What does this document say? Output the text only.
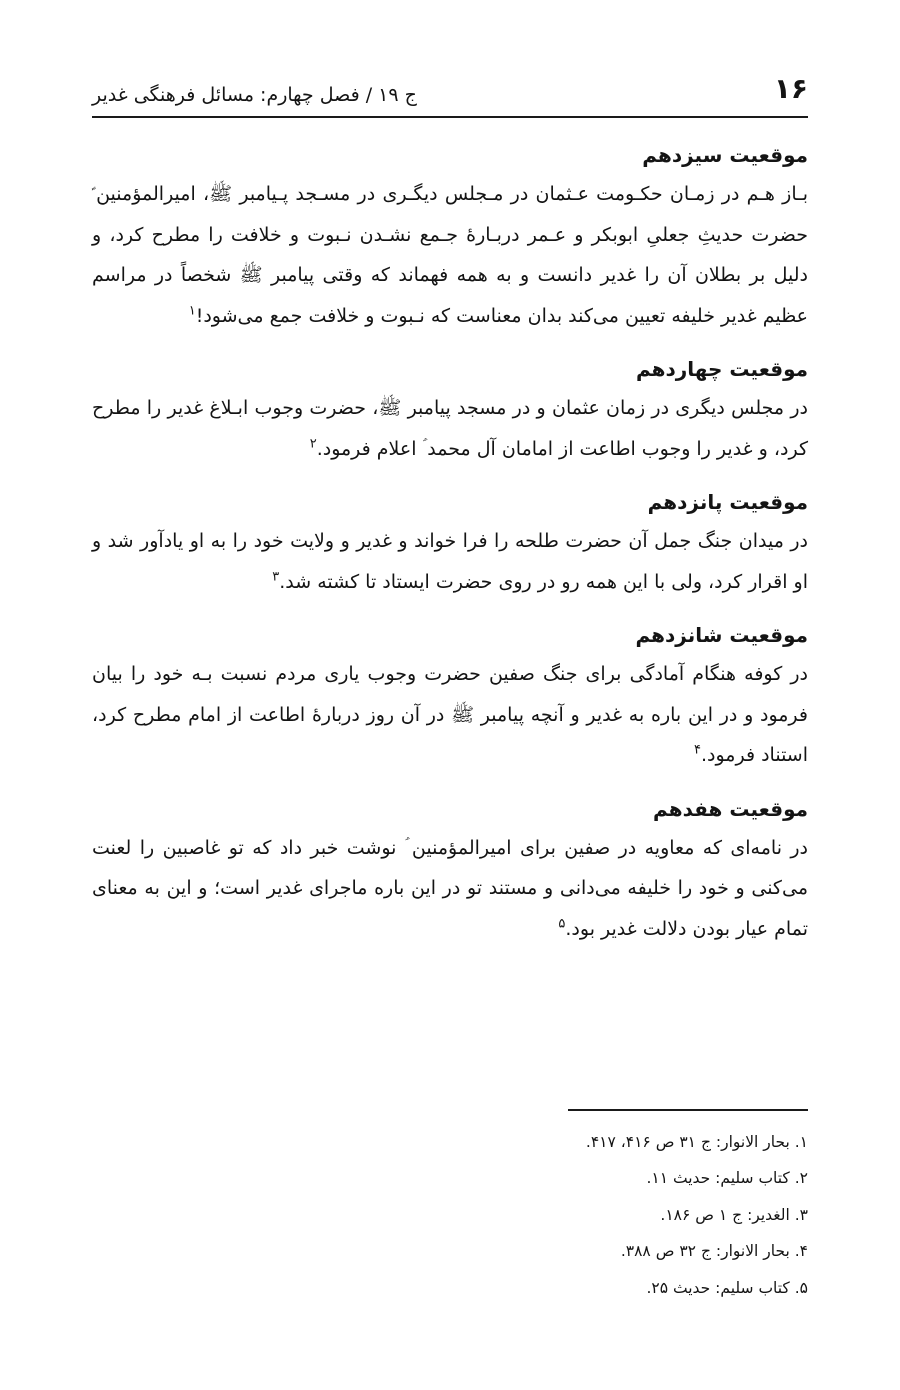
۱۶
ج ۱۹ / فصل چهارم: مسائل فرهنگی غدیر
موقعیت سیزدهم

بـاز هـم در زمـان حکـومت عـثمان در مـجلس دیگـری در مسـجد پـیامبر ﷺ، امیرالمؤمنین ؑ حضرت حدیثِ جعلیِ ابوبکر و عـمر دربـارهٔ جـمع نشـدن نـبوت و خلافت را مطرح کرد، و دلیل بر بطلان آن را غدیر دانست و به همه فهماند که وقتی پیامبر ﷺ شخصاً در مراسم عظیم غدیر خلیفه تعیین می‌کند بدان معناست که نـبوت و خلافت جمع می‌شود!$^۱$

موقعیت چهاردهم

در مجلس دیگری در زمان عثمان و در مسجد پیامبر ﷺ، حضرت وجوب ابـلاغ غدیر را مطرح کرد، و غدیر را وجوب اطاعت از امامان آل محمد ؑ اعلام فرمود.$^۲$

موقعیت پانزدهم

در میدان جنگ جمل آن حضرت طلحه را فرا خواند و غدیر و ولایت خود را به او یادآور شد و او اقرار کرد، ولی با این همه رو در روی حضرت ایستاد تا کشته شد.$^۳$

موقعیت شانزدهم

در کوفه هنگام آمادگی برای جنگ صفین حضرت وجوب یاری مردم نسبت بـه خود را بیان فرمود و در این باره به غدیر و آنچه پیامبر ﷺ در آن روز دربارهٔ اطاعت از امام مطرح کرد، استناد فرمود.$^۴$

موقعیت هفدهم

در نامه‌ای که معاویه در صفین برای امیرالمؤمنین ؑ نوشت خبر داد که تو غاصبین را لعنت می‌کنی و خود را خلیفه می‌دانی و مستند تو در این باره ماجرای غدیر است؛ و این به معنای تمام عیار بودن دلالت غدیر بود.$^۵$

۱. بحار الانوار: ج ۳۱ ص ۴۱۶، ۴۱۷.
۲. کتاب سلیم: حدیث ۱۱.
۳. الغدیر: ج ۱ ص ۱۸۶.
۴. بحار الانوار: ج ۳۲ ص ۳۸۸.
۵. کتاب سلیم: حدیث ۲۵.
